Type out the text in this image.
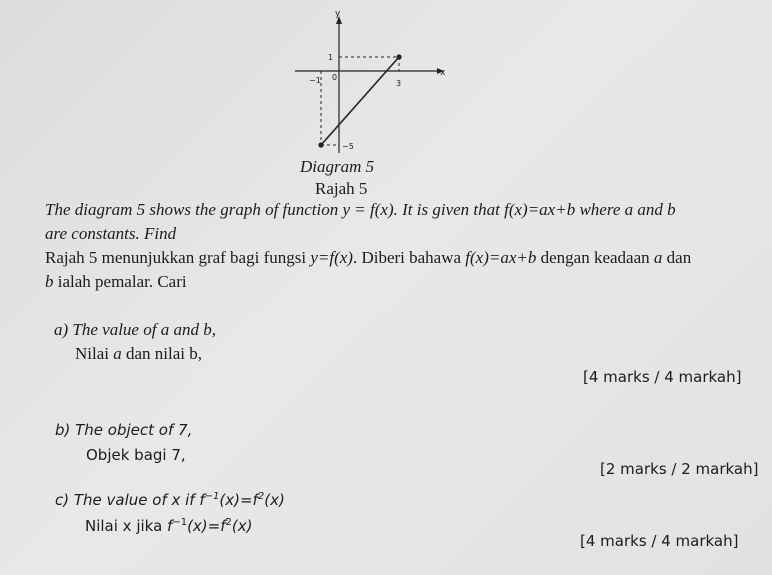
y
x
1
−1 0
3
−5
Diagram 5
Rajah 5
The diagram 5 shows the graph of function y = f(x). It is given that f(x)=ax+b where a and b
are constants. Find
Rajah 5 menunjukkan graf bagi fungsi y=f(x). Diberi bahawa f(x)=ax+b dengan keadaan a dan
b ialah pemalar. Cari
a) The value of a and b,
Nilai a dan nilai b,
[4 marks / 4 markah]
b) The object of 7,
Objek bagi 7,
[2 marks / 2 markah]
c) The value of x if $f^{-1}(x)=f^2(x)$
Nilai x jika $f^{-1}(x)=f^2(x)$
[4 marks / 4 markah]
